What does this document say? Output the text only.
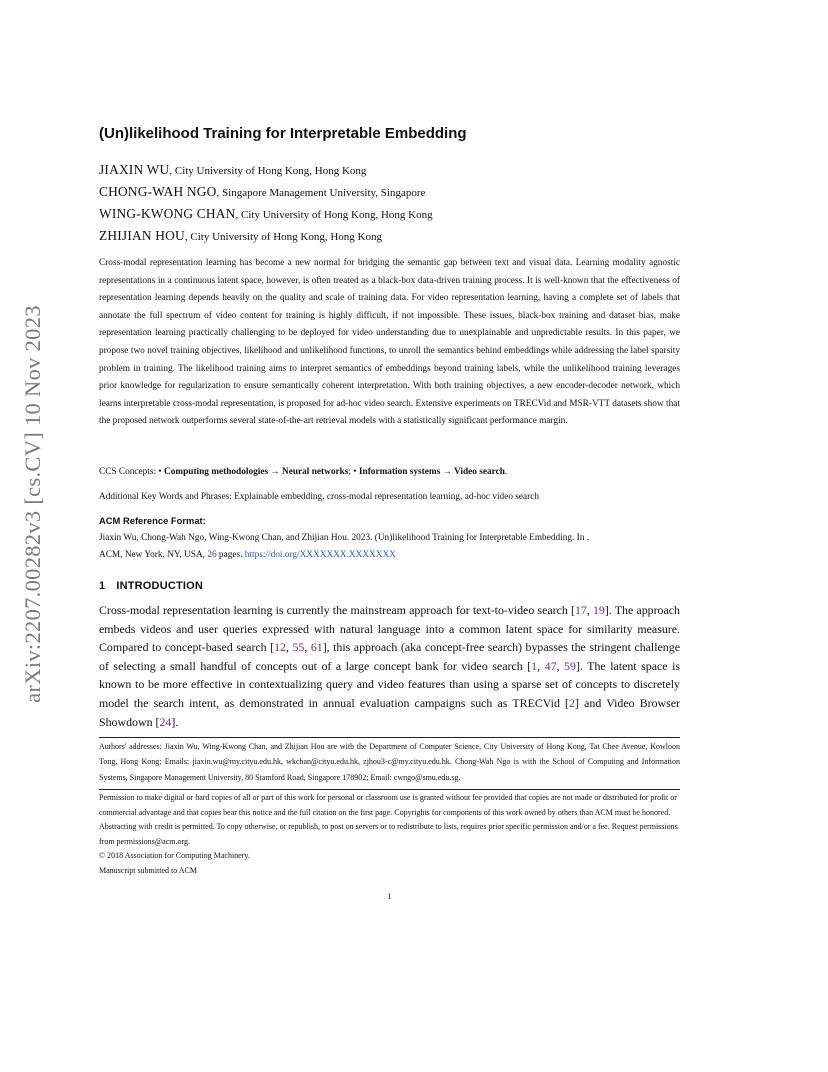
arXiv:2207.00282v3 [cs.CV] 10 Nov 2023
(Un)likelihood Training for Interpretable Embedding
JIAXIN WU, City University of Hong Kong, Hong Kong
CHONG-WAH NGO, Singapore Management University, Singapore
WING-KWONG CHAN, City University of Hong Kong, Hong Kong
ZHIJIAN HOU, City University of Hong Kong, Hong Kong

Cross-modal representation learning has become a new normal for bridging the semantic gap between text and visual data. Learning modality agnostic representations in a continuous latent space, however, is often treated as a black-box data-driven training process. It is well-known that the effectiveness of representation learning depends heavily on the quality and scale of training data. For video representation learning, having a complete set of labels that annotate the full spectrum of video content for training is highly difficult, if not impossible. These issues, black-box training and dataset bias, make representation learning practically challenging to be deployed for video understanding due to unexplainable and unpredictable results. In this paper, we propose two novel training objectives, likelihood and unlikelihood functions, to unroll the semantics behind embeddings while addressing the label sparsity problem in training. The likelihood training aims to interpret semantics of embeddings beyond training labels, while the unlikelihood training leverages prior knowledge for regularization to ensure semantically coherent interpretation. With both training objectives, a new encoder-decoder network, which learns interpretable cross-modal representation, is proposed for ad-hoc video search. Extensive experiments on TRECVid and MSR-VTT datasets show that the proposed network outperforms several state-of-the-art retrieval models with a statistically significant performance margin.

CCS Concepts: • Computing methodologies → Neural networks; • Information systems → Video search.
Additional Key Words and Phrases: Explainable embedding, cross-modal representation learning, ad-hoc video search
ACM Reference Format:
Jiaxin Wu, Chong-Wah Ngo, Wing-Kwong Chan, and Zhijian Hou. 2023. (Un)likelihood Training for Interpretable Embedding. In .
ACM, New York, NY, USA, 26 pages. https://doi.org/XXXXXXX.XXXXXXX
1 INTRODUCTION

Cross-modal representation learning is currently the mainstream approach for text-to-video search [17, 19]. The approach embeds videos and user queries expressed with natural language into a common latent space for similarity measure. Compared to concept-based search [12, 55, 61], this approach (aka concept-free search) bypasses the stringent challenge of selecting a small handful of concepts out of a large concept bank for video search [1, 47, 59]. The latent space is known to be more effective in contextualizing query and video features than using a sparse set of concepts to discretely model the search intent, as demonstrated in annual evaluation campaigns such as TRECVid [2] and Video Browser Showdown [24].

Authors' addresses: Jiaxin Wu, Wing-Kwong Chan, and Zhijian Hou are with the Department of Computer Science, City University of Hong Kong, Tat Chee Avenue, Kowloon Tong, Hong Kong; Emails: jiaxin.wu@my.cityu.edu.hk, wkchan@cityu.edu.hk, zjhou3-c@my.cityu.edu.hk. Chong-Wah Ngo is with the School of Computing and Information Systems, Singapore Management University, 80 Stamford Road, Singapore 178902; Email: cwngo@smu.edu.sg.

Permission to make digital or hard copies of all or part of this work for personal or classroom use is granted without fee provided that copies are not made or distributed for profit or commercial advantage and that copies bear this notice and the full citation on the first page. Copyrights for components of this work owned by others than ACM must be honored. Abstracting with credit is permitted. To copy otherwise, or republish, to post on servers or to redistribute to lists, requires prior specific permission and/or a fee. Request permissions from permissions@acm.org.
© 2018 Association for Computing Machinery.
Manuscript submitted to ACM
1
